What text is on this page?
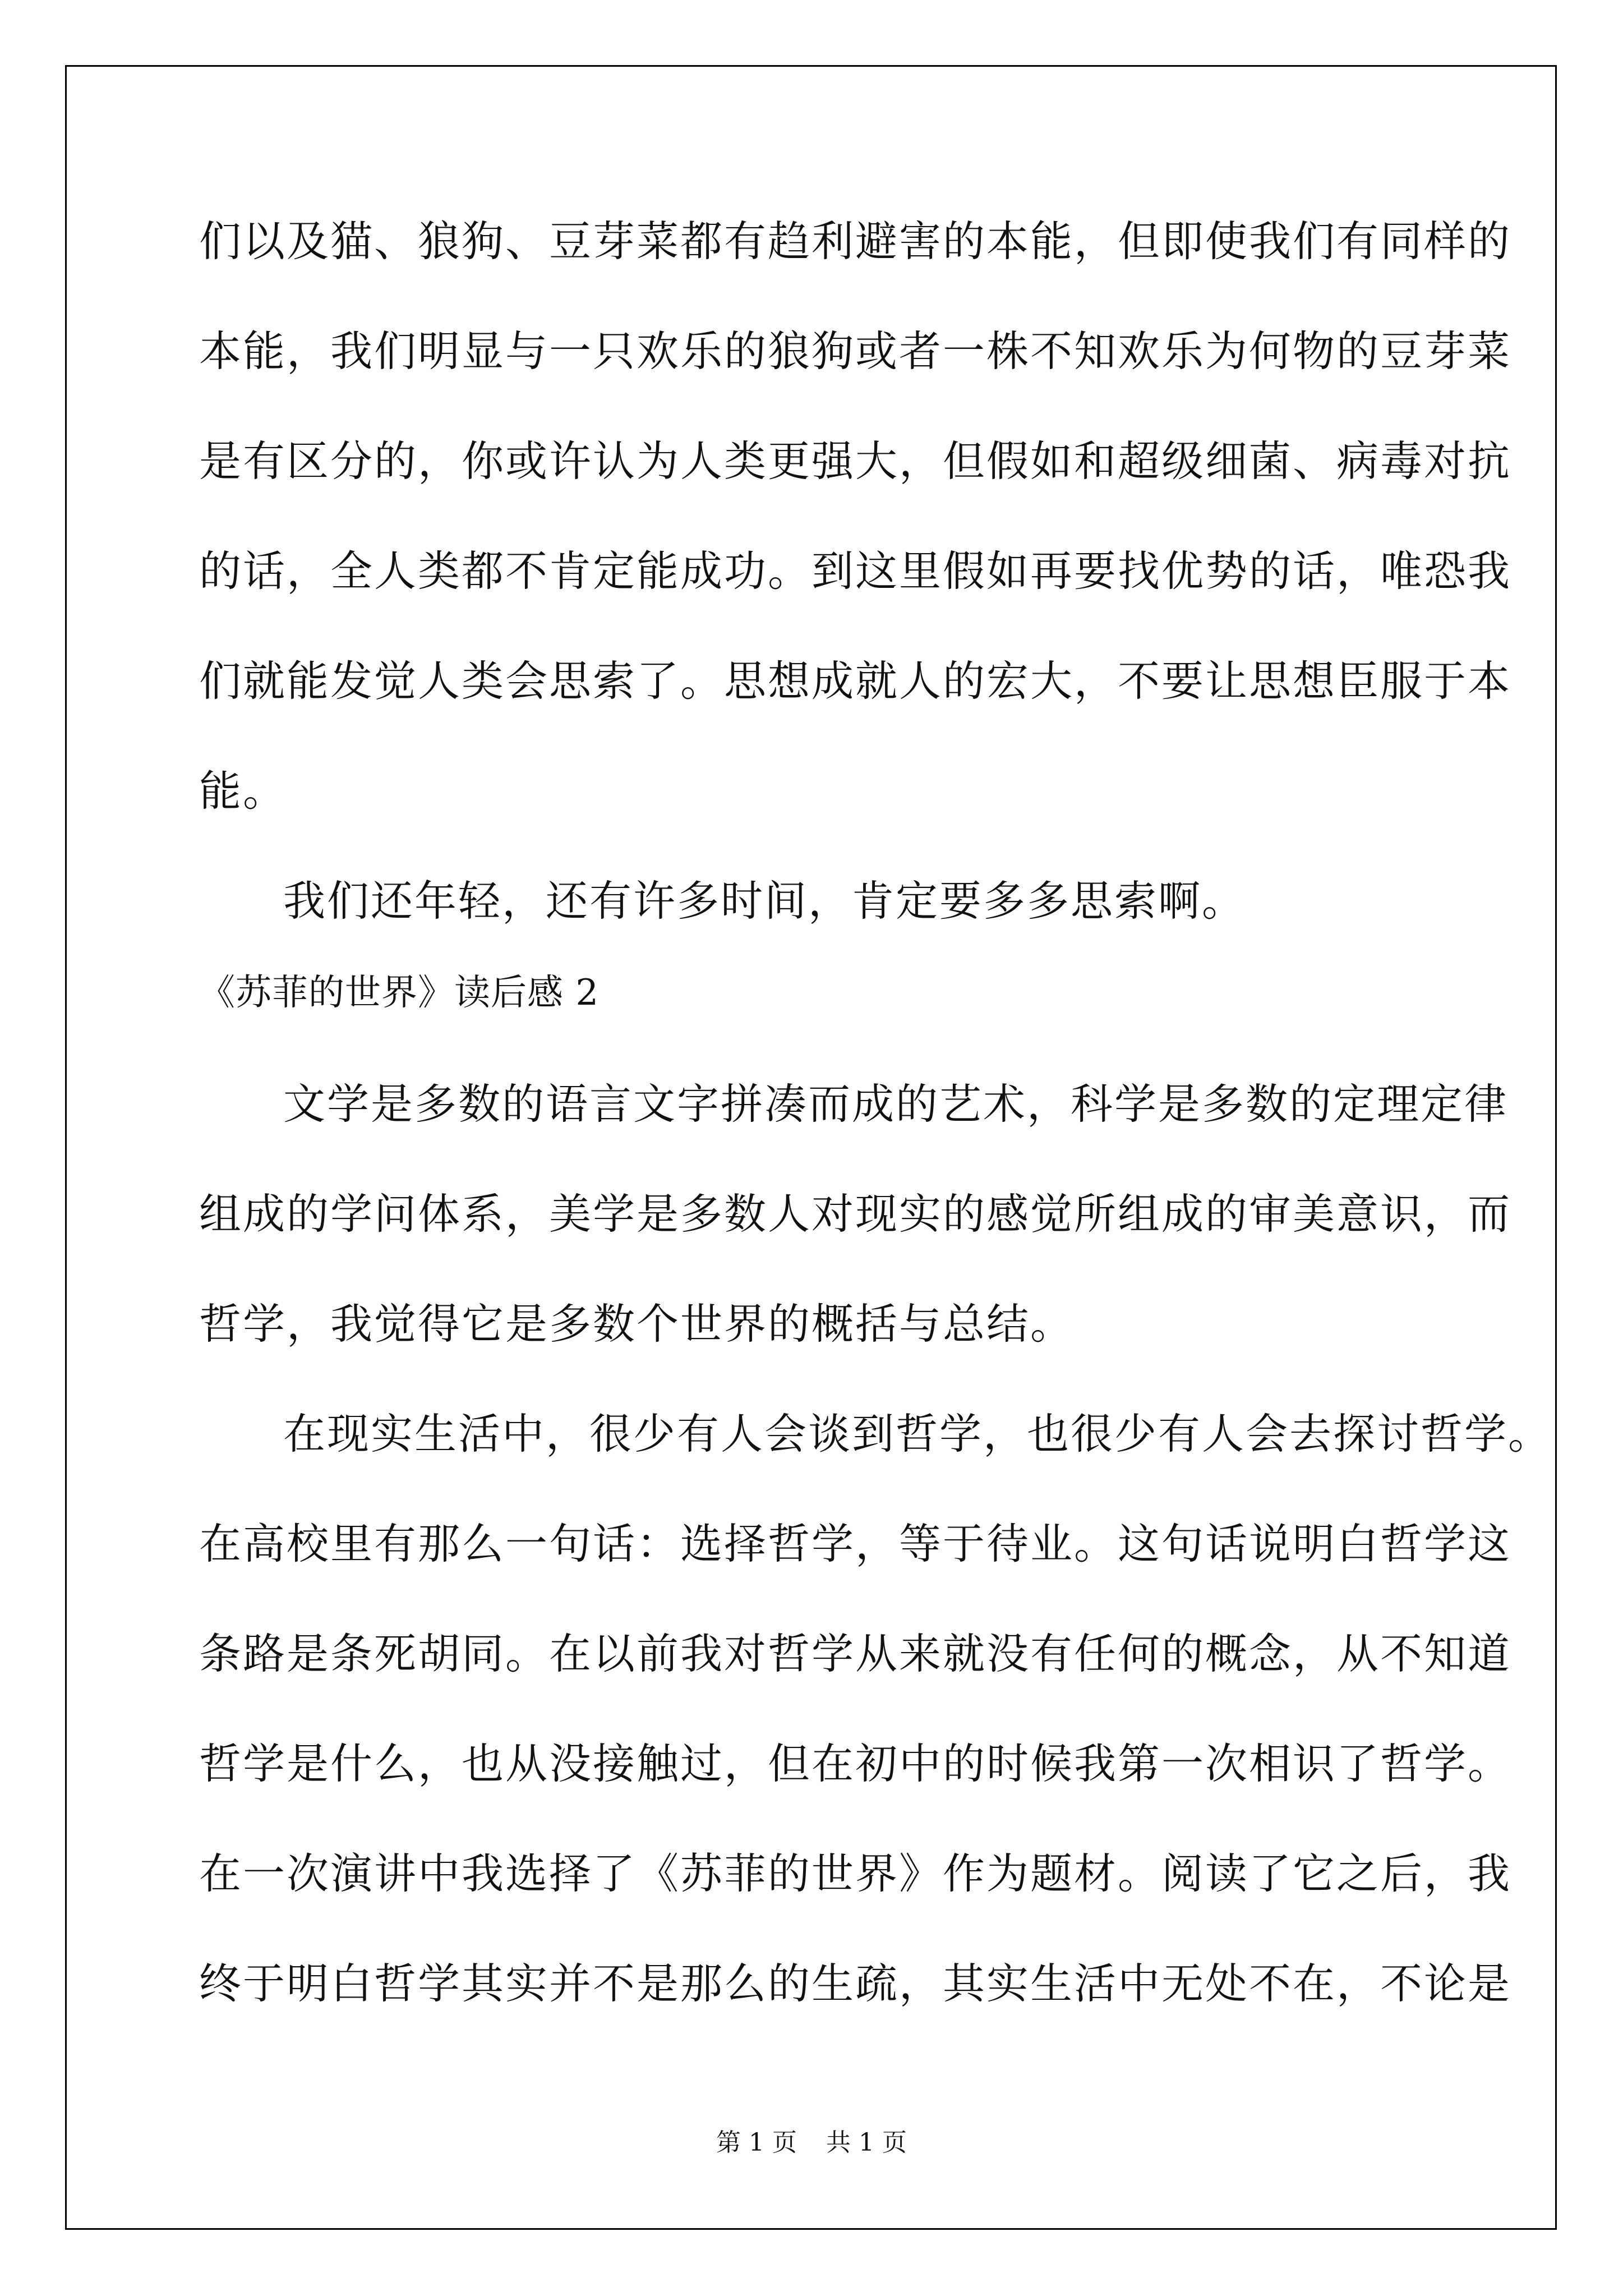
们以及猫、狼狗、豆芽菜都有趋利避害的本能，但即使我们有同样的
本能，我们明显与一只欢乐的狼狗或者一株不知欢乐为何物的豆芽菜
是有区分的，你或许认为人类更强大，但假如和超级细菌、病毒对抗
的话，全人类都不肯定能成功。到这里假如再要找优势的话，唯恐我
们就能发觉人类会思索了。思想成就人的宏大，不要让思想臣服于本
能。
我们还年轻，还有许多时间，肯定要多多思索啊。
《苏菲的世界》读后感 2
文学是多数的语言文字拼凑而成的艺术，科学是多数的定理定律
组成的学问体系，美学是多数人对现实的感觉所组成的审美意识，而
哲学，我觉得它是多数个世界的概括与总结。
在现实生活中，很少有人会谈到哲学，也很少有人会去探讨哲学。
在高校里有那么一句话：选择哲学，等于待业。这句话说明白哲学这
条路是条死胡同。在以前我对哲学从来就没有任何的概念，从不知道
哲学是什么，也从没接触过，但在初中的时候我第一次相识了哲学。
在一次演讲中我选择了《苏菲的世界》作为题材。阅读了它之后，我
终于明白哲学其实并不是那么的生疏，其实生活中无处不在，不论是
第 1 页 共 1 页
